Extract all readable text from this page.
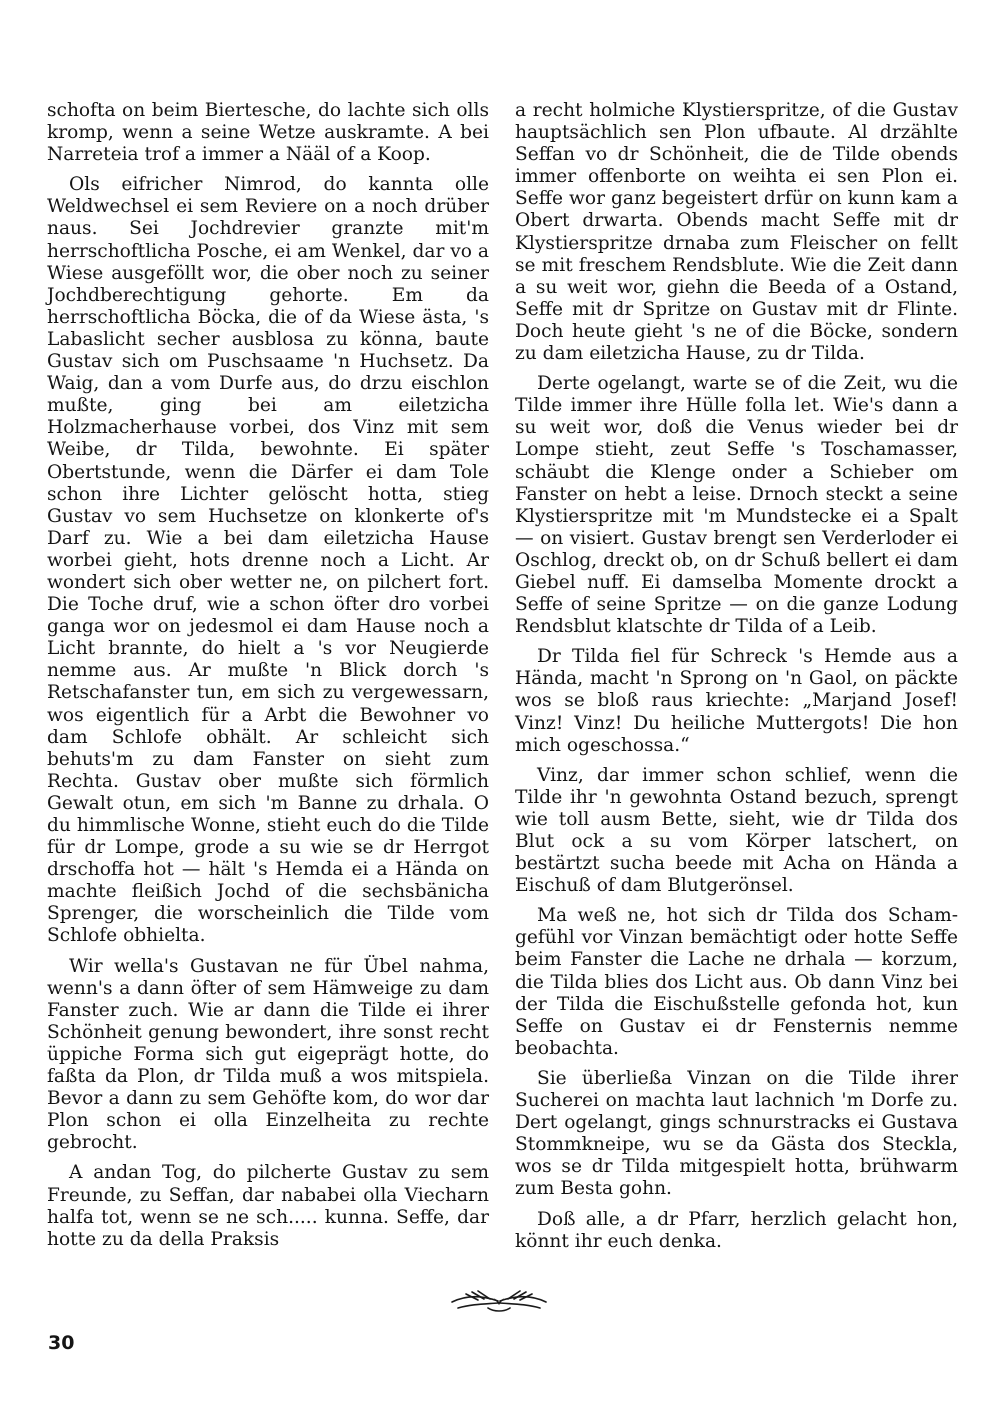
schofta on beim Biertesche, do lachte sich olls kromp, wenn a seine Wetze auskramte. A bei Narreteia trof a immer a Nääl of a Koop.

Ols eifricher Nimrod, do kannta olle Weldwechsel ei sem Reviere on a noch drüber naus. Sei Jochdrevier granzte mit'm herrschoftlicha Posche, ei am Wenkel, dar vo a Wiese ausgeföllt wor, die ober noch zu seiner Jochdberechtigung gehorte. Em da herrschoftlicha Böcka, die of da Wiese ästa, 's Labaslicht secher ausblosa zu könna, baute Gustav sich om Puschsaame 'n Huchsetz. Da Waig, dan a vom Durfe aus, do drzu eischlon mußte, ging bei am eiletzicha Holzmacherhause vorbei, dos Vinz mit sem Weibe, dr Tilda, bewohnte. Ei später Obertstunde, wenn die Därfer ei dam Tole schon ihre Lichter gelöscht hotta, stieg Gustav vo sem Huchsetze on klonkerte of's Darf zu. Wie a bei dam eiletzicha Hause worbei gieht, hots drenne noch a Licht. Ar wondert sich ober wetter ne, on pilchert fort. Die Toche druf, wie a schon öfter dro vorbei ganga wor on jedesmol ei dam Hause noch a Licht brannte, do hielt a 's vor Neugierde nemme aus. Ar mußte 'n Blick dorch 's Retschafanster tun, em sich zu vergewessarn, wos eigentlich für a Arbt die Bewohner vo dam Schlofe obhält. Ar schleicht sich behuts'm zu dam Fanster on sieht zum Rechta. Gustav ober mußte sich förmlich Gewalt otun, em sich 'm Banne zu drhala. O du himmlische Wonne, stieht euch do die Tilde für dr Lompe, grode a su wie se dr Herrgot drschoffa hot — hält 's Hemda ei a Hända on machte fleißich Jochd of die sechsbänicha Sprenger, die worscheinlich die Tilde vom Schlofe obhielta.

Wir wella's Gustavan ne für Übel nahma, wenn's a dann öfter of sem Hämweige zu dam Fanster zuch. Wie ar dann die Tilde ei ihrer Schönheit genung bewondert, ihre sonst recht üppiche Forma sich gut eigeprägt hotte, do faßta da Plon, dr Tilda muß a wos mitspiela. Bevor a dann zu sem Gehöfte kom, do wor dar Plon schon ei olla Einzelheita zu rechte gebrocht.

A andan Tog, do pilcherte Gustav zu sem Freunde, zu Seffan, dar nababei olla Viecharn halfa tot, wenn se ne sch..... kunna. Seffe, dar hotte zu da della Praksis

a recht holmiche Klystierspritze, of die Gustav hauptsächlich sen Plon ufbaute. Al drzählte Seffan vo dr Schönheit, die de Tilde obends immer offenborte on weihta ei sen Plon ei. Seffe wor ganz begeistert drfür on kunn kam a Obert drwarta. Obends macht Seffe mit dr Klystierspritze drnaba zum Fleischer on fellt se mit freschem Rendsblute. Wie die Zeit dann a su weit wor, giehn die Beeda of a Ostand, Seffe mit dr Spritze on Gustav mit dr Flinte. Doch heute gieht 's ne of die Böcke, sondern zu dam eiletzicha Hause, zu dr Tilda.

Derte ogelangt, warte se of die Zeit, wu die Tilde immer ihre Hülle folla let. Wie's dann a su weit wor, doß die Venus wieder bei dr Lompe stieht, zeut Seffe 's Toschamasser, schäubt die Klenge onder a Schieber om Fanster on hebt a leise. Drnoch steckt a seine Klystierspritze mit 'm Mundstecke ei a Spalt — on visiert. Gustav brengt sen Verderloder ei Oschlog, dreckt ob, on dr Schuß bellert ei dam Giebel nuff. Ei damselba Momente drockt a Seffe of seine Spritze — on die ganze Lodung Rendsblut klatschte dr Tilda of a Leib.

Dr Tilda fiel für Schreck 's Hemde aus a Hända, macht 'n Sprong on 'n Gaol, on päckte wos se bloß raus kriechte: „Marjand Josef! Vinz! Vinz! Du heiliche Muttergots! Die hon mich ogeschossa.“

Vinz, dar immer schon schlief, wenn die Tilde ihr 'n gewohnta Ostand bezuch, sprengt wie toll ausm Bette, sieht, wie dr Tilda dos Blut ock a su vom Körper latschert, on bestärtzt sucha beede mit Acha on Hända a Eischuß of dam Blutgerönsel.

Ma weß ne, hot sich dr Tilda dos Schamgefühl vor Vinzan bemächtigt oder hotte Seffe beim Fanster die Lache ne drhala — korzum, die Tilda blies dos Licht aus. Ob dann Vinz bei der Tilda die Eischußstelle gefonda hot, kun Seffe on Gustav ei dr Fensternis nemme beobachta.

Sie überließa Vinzan on die Tilde ihrer Sucherei on machta laut lachnich 'm Dorfe zu. Dert ogelangt, gings schnurstracks ei Gustava Stommkneipe, wu se da Gästa dos Steckla, wos se dr Tilda mitgespielt hotta, brühwarm zum Besta gohn.

Doß alle, a dr Pfarr, herzlich gelacht hon, könnt ihr euch denka.

30
